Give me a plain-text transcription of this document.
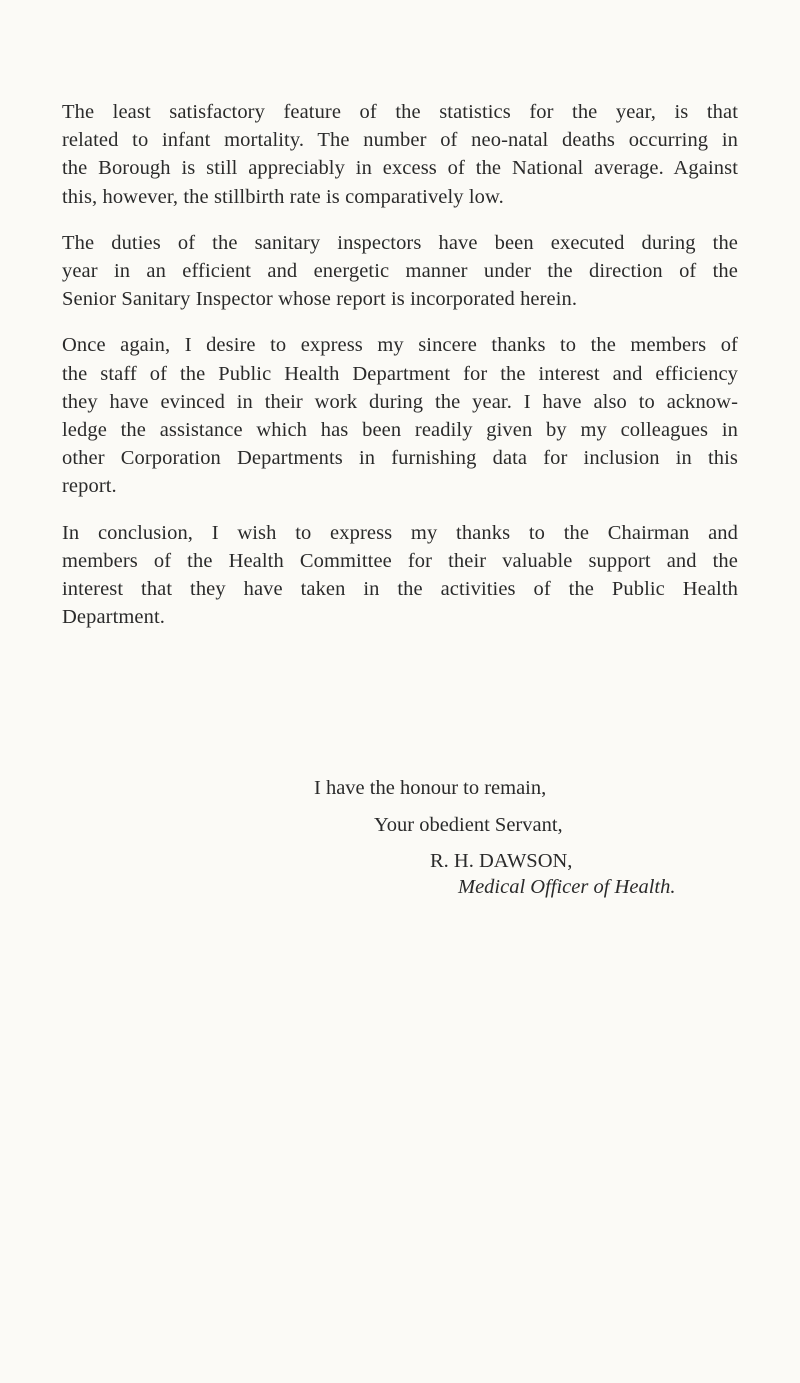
The least satisfactory feature of the statistics for the year, is that
related to infant mortality. The number of neo-natal deaths occurring in
the Borough is still appreciably in excess of the National average. Against
this, however, the stillbirth rate is comparatively low.

The duties of the sanitary inspectors have been executed during the
year in an efficient and energetic manner under the direction of the
Senior Sanitary Inspector whose report is incorporated herein.

Once again, I desire to express my sincere thanks to the members of
the staff of the Public Health Department for the interest and efficiency
they have evinced in their work during the year. I have also to acknow-
ledge the assistance which has been readily given by my colleagues in
other Corporation Departments in furnishing data for inclusion in this
report.

In conclusion, I wish to express my thanks to the Chairman and
members of the Health Committee for their valuable support and the
interest that they have taken in the activities of the Public Health
Department.

I have the honour to remain,
Your obedient Servant,
R. H. DAWSON,
Medical Officer of Health.
